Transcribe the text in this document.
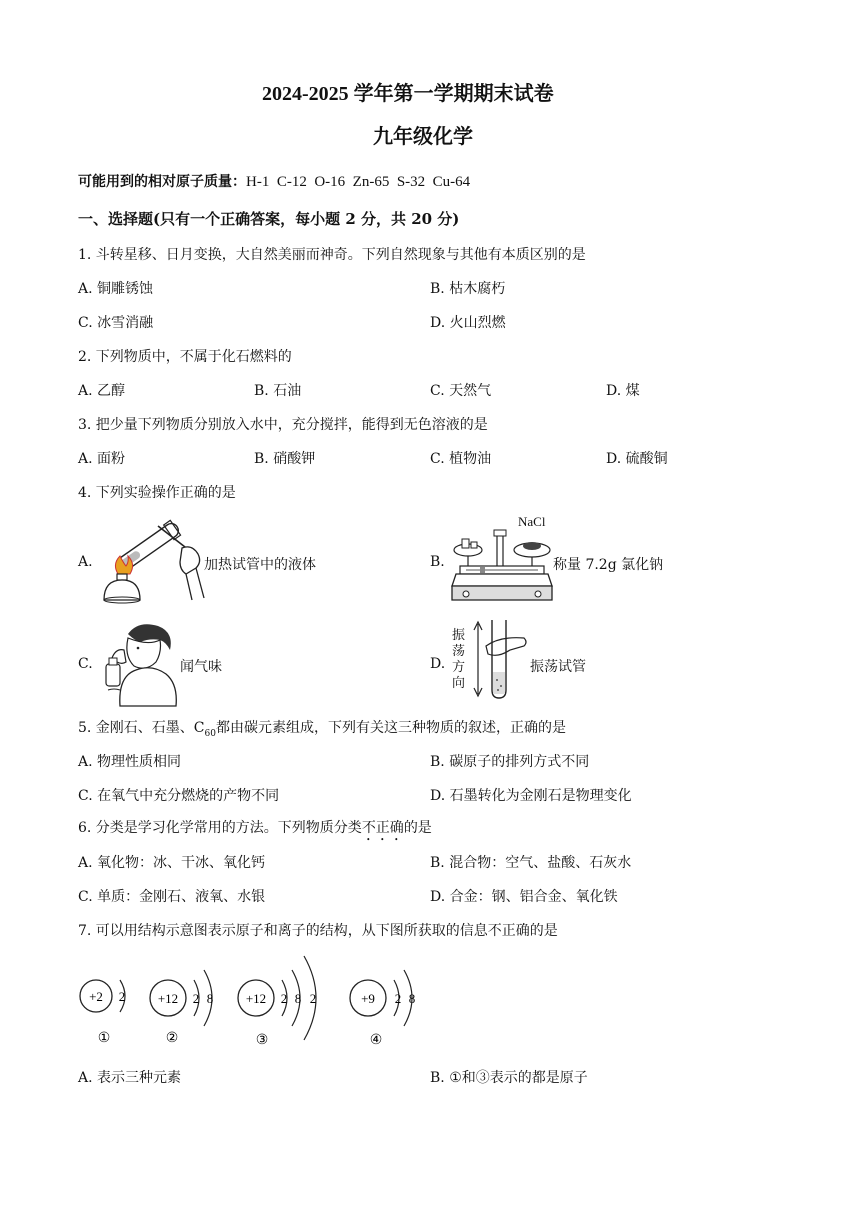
2024-2025 学年第一学期期末试卷
九年级化学
可能用到的相对原子质量：H-1  C-12  O-16  Zn-65  S-32  Cu-64
一、选择题(只有一个正确答案，每小题 2 分，共 20 分)
1. 斗转星移、日月变换，大自然美丽而神奇。下列自然现象与其他有本质区别的是
A. 铜雕锈蚀	B. 枯木腐朽
C. 冰雪消融	D. 火山烈燃
2. 下列物质中，不属于化石燃料的
A. 乙醇	B. 石油	C. 天然气	D. 煤
3. 把少量下列物质分别放入水中，充分搅拌，能得到无色溶液的是
A. 面粉	B. 硝酸钾	C. 植物油	D. 硫酸铜
4. 下列实验操作正确的是
A.	加热试管中的液体	B.
NaCl
称量 7.2g 氯化钠
C.	闻气味	D.
振
荡
方
向
振荡试管
5. 金刚石、石墨、$C_{60}$都由碳元素组成，下列有关这三种物质的叙述，正确的是
A. 物理性质相同	B. 碳原子的排列方式不同
C. 在氧气中充分燃烧的产物不同	D. 石墨转化为金刚石是物理变化
6. 分类是学习化学常用的方法。下列物质分类不正确的是
A. 氧化物：冰、干冰、氧化钙	B. 混合物：空气、盐酸、石灰水
C. 单质：金刚石、液氧、水银	D. 合金：钢、铝合金、氧化铁
7. 可以用结构示意图表示原子和离子的结构，从下图所获取的信息不正确的是
+2 2
①
+12 2 8
②
+12 2 8 2
③
+9 2 8
④
A. 表示三种元素	B. ①和③表示的都是原子
